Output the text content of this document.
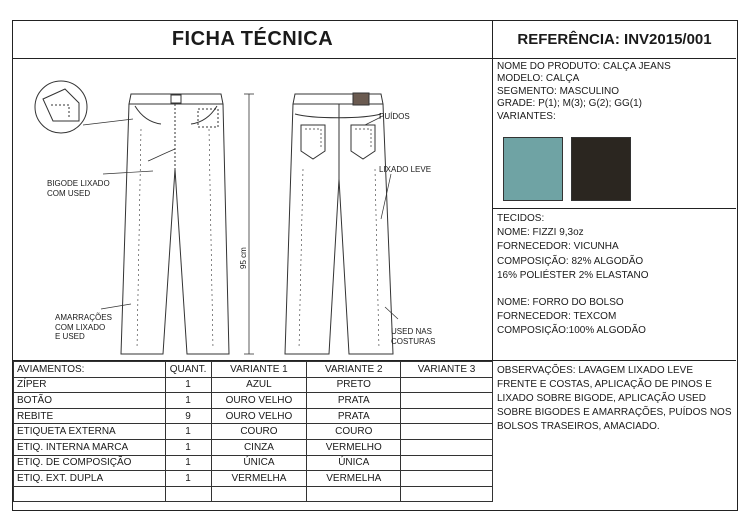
FICHA TÉCNICA	REFERÊNCIA: INV2015/001
BIGODE LIXADO
COM USED
AMARRAÇÕES
COM LIXADO
E USED
PUÍDOS
LIXADO LEVE
USED NAS
COSTURAS
95 cm
NOME DO PRODUTO: CALÇA JEANS
MODELO: CALÇA
SEGMENTO: MASCULINO
GRADE: P(1); M(3); G(2); GG(1)
VARIANTES:
TECIDOS:
NOME: FIZZI 9,3oz
FORNECEDOR: VICUNHA
COMPOSIÇÃO: 82% ALGODÃO
16% POLIÉSTER 2% ELASTANO
NOME: FORRO DO BOLSO
FORNECEDOR: TEXCOM
COMPOSIÇÃO:100% ALGODÃO
AVIAMENTOS:	QUANT.	VARIANTE 1	VARIANTE 2	VARIANTE 3
ZÍPER	1	AZUL	PRETO	
BOTÃO	1	OURO VELHO	PRATA	
REBITE	9	OURO VELHO	PRATA	
ETIQUETA EXTERNA	1	COURO	COURO	
ETIQ. INTERNA MARCA	1	CINZA	VERMELHO	
ETIQ. DE COMPOSIÇÃO	1	ÚNICA	ÚNICA	
ETIQ. EXT. DUPLA	1	VERMELHA	VERMELHA	

OBSERVAÇÕES: LAVAGEM LIXADO LEVE FRENTE E COSTAS, APLICAÇÃO DE PINOS E LIXADO SOBRE BIGODE, APLICAÇÃO USED SOBRE BIGODES E AMARRAÇÕES, PUÍDOS NOS BOLSOS TRASEIROS, AMACIADO.
